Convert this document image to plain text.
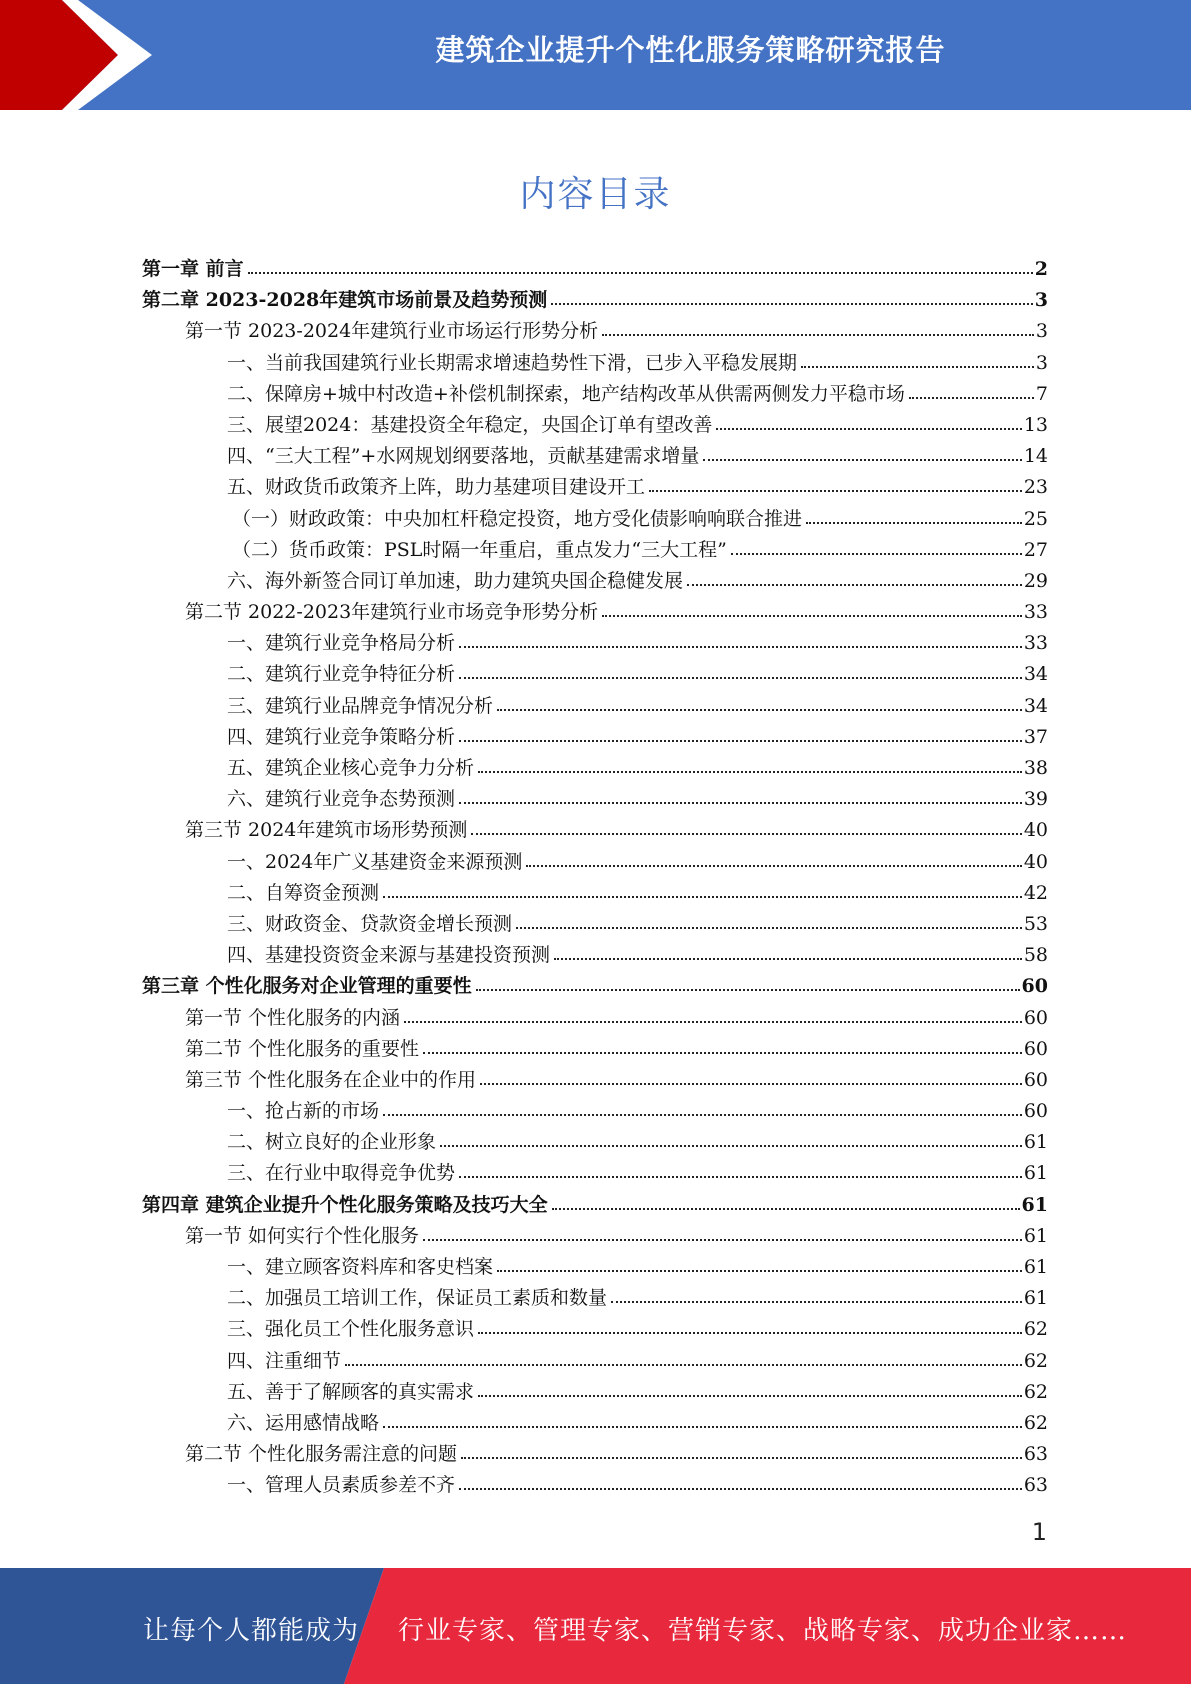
建筑企业提升个性化服务策略研究报告
内容目录
第一章 前言	2
第二章 2023-2028年建筑市场前景及趋势预测	3
第一节 2023-2024年建筑行业市场运行形势分析	3
一、当前我国建筑行业长期需求增速趋势性下滑，已步入平稳发展期	3
二、保障房+城中村改造+补偿机制探索，地产结构改革从供需两侧发力平稳市场	7
三、展望2024：基建投资全年稳定，央国企订单有望改善	13
四、“三大工程”+水网规划纲要落地，贡献基建需求增量	14
五、财政货币政策齐上阵，助力基建项目建设开工	23
（一）财政政策：中央加杠杆稳定投资，地方受化债影响响联合推进	25
（二）货币政策：PSL时隔一年重启，重点发力“三大工程”	27
六、海外新签合同订单加速，助力建筑央国企稳健发展	29
第二节 2022-2023年建筑行业市场竞争形势分析	33
一、建筑行业竞争格局分析	33
二、建筑行业竞争特征分析	34
三、建筑行业品牌竞争情况分析	34
四、建筑行业竞争策略分析	37
五、建筑企业核心竞争力分析	38
六、建筑行业竞争态势预测	39
第三节 2024年建筑市场形势预测	40
一、2024年广义基建资金来源预测	40
二、自筹资金预测	42
三、财政资金、贷款资金增长预测	53
四、基建投资资金来源与基建投资预测	58
第三章 个性化服务对企业管理的重要性	60
第一节 个性化服务的内涵	60
第二节 个性化服务的重要性	60
第三节 个性化服务在企业中的作用	60
一、抢占新的市场	60
二、树立良好的企业形象	61
三、在行业中取得竞争优势	61
第四章 建筑企业提升个性化服务策略及技巧大全	61
第一节 如何实行个性化服务	61
一、建立顾客资料库和客史档案	61
二、加强员工培训工作，保证员工素质和数量	61
三、强化员工个性化服务意识	62
四、注重细节	62
五、善于了解顾客的真实需求	62
六、运用感情战略	62
第二节 个性化服务需注意的问题	63
一、管理人员素质参差不齐	63
1
让每个人都能成为 行业专家、管理专家、营销专家、战略专家、成功企业家……
